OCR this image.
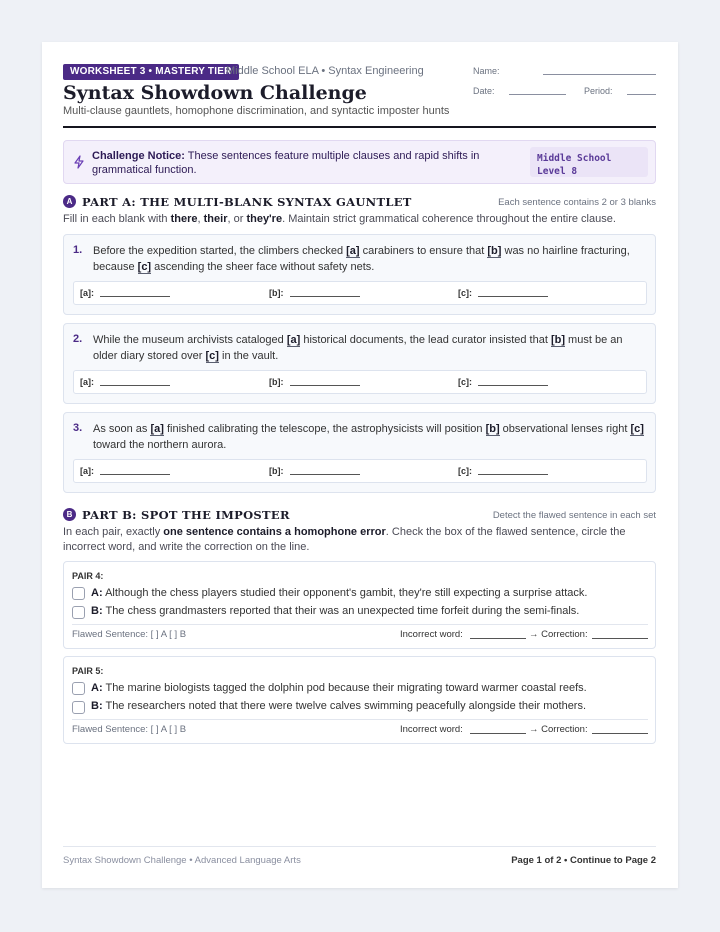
WORKSHEET 3 • MASTERY TIER
Middle School ELA • Syntax Engineering
Syntax Showdown Challenge
Multi-clause gauntlets, homophone discrimination, and syntactic imposter hunts
Name:
Date:	Period:
Challenge Notice: These sentences feature multiple clauses and rapid shifts in grammatical function.
Middle School Level 8
A PART A: THE MULTI-BLANK SYNTAX GAUNTLET	Each sentence contains 2 or 3 blanks
Fill in each blank with there, their, or they're. Maintain strict grammatical coherence throughout the entire clause.
1. Before the expedition started, the climbers checked [a] carabiners to ensure that [b] was no hairline fracturing, because [c] ascending the sheer face without safety nets.
[a]:	[b]:	[c]:
2. While the museum archivists cataloged [a] historical documents, the lead curator insisted that [b] must be an older diary stored over [c] in the vault.
[a]:	[b]:	[c]:
3. As soon as [a] finished calibrating the telescope, the astrophysicists will position [b] observational lenses right [c] toward the northern aurora.
[a]:	[b]:	[c]:
B PART B: SPOT THE IMPOSTER	Detect the flawed sentence in each set
In each pair, exactly one sentence contains a homophone error. Check the box of the flawed sentence, circle the incorrect word, and write the correction on the line.
PAIR 4:
A: Although the chess players studied their opponent's gambit, they're still expecting a surprise attack.
B: The chess grandmasters reported that their was an unexpected time forfeit during the semi-finals.
Flawed Sentence: [ ] A [ ] B	Incorrect word:	→ Correction:
PAIR 5:
A: The marine biologists tagged the dolphin pod because their migrating toward warmer coastal reefs.
B: The researchers noted that there were twelve calves swimming peacefully alongside their mothers.
Flawed Sentence: [ ] A [ ] B	Incorrect word:	→ Correction:
Syntax Showdown Challenge • Advanced Language Arts	Page 1 of 2 • Continue to Page 2
